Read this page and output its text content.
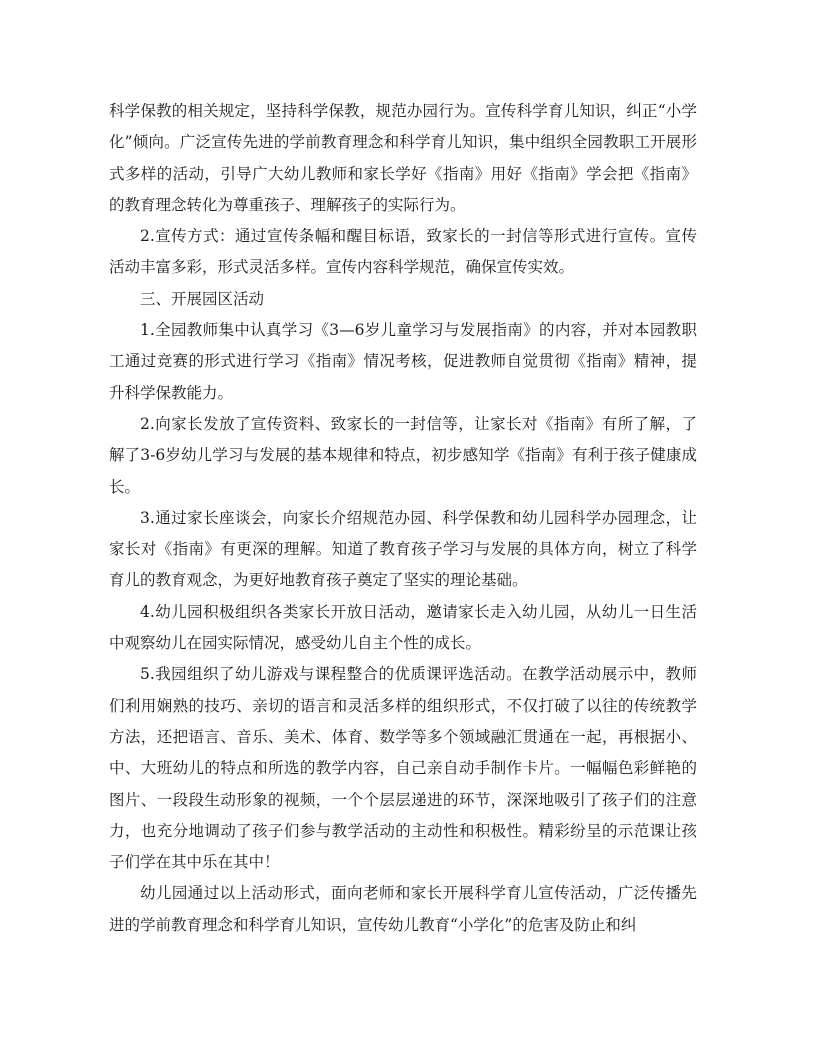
科学保教的相关规定，坚持科学保教，规范办园行为。宣传科学育儿知识，纠正“小学化”倾向。广泛宣传先进的学前教育理念和科学育儿知识，集中组织全园教职工开展形式多样的活动，引导广大幼儿教师和家长学好《指南》用好《指南》学会把《指南》的教育理念转化为尊重孩子、理解孩子的实际行为。

2.宣传方式：通过宣传条幅和醒目标语，致家长的一封信等形式进行宣传。宣传活动丰富多彩，形式灵活多样。宣传内容科学规范，确保宣传实效。

三、开展园区活动

1.全园教师集中认真学习《3—6岁儿童学习与发展指南》的内容，并对本园教职工通过竞赛的形式进行学习《指南》情况考核，促进教师自觉贯彻《指南》精神，提升科学保教能力。

2.向家长发放了宣传资料、致家长的一封信等，让家长对《指南》有所了解，了解了3-6岁幼儿学习与发展的基本规律和特点，初步感知学《指南》有利于孩子健康成长。

3.通过家长座谈会，向家长介绍规范办园、科学保教和幼儿园科学办园理念，让家长对《指南》有更深的理解。知道了教育孩子学习与发展的具体方向，树立了科学育儿的教育观念，为更好地教育孩子奠定了坚实的理论基础。

4.幼儿园积极组织各类家长开放日活动，邀请家长走入幼儿园，从幼儿一日生活中观察幼儿在园实际情况，感受幼儿自主个性的成长。

5.我园组织了幼儿游戏与课程整合的优质课评选活动。在教学活动展示中，教师们利用娴熟的技巧、亲切的语言和灵活多样的组织形式，不仅打破了以往的传统教学方法，还把语言、音乐、美术、体育、数学等多个领域融汇贯通在一起，再根据小、中、大班幼儿的特点和所选的教学内容，自己亲自动手制作卡片。一幅幅色彩鲜艳的图片、一段段生动形象的视频，一个个层层递进的环节，深深地吸引了孩子们的注意力，也充分地调动了孩子们参与教学活动的主动性和积极性。精彩纷呈的示范课让孩子们学在其中乐在其中！

幼儿园通过以上活动形式，面向老师和家长开展科学育儿宣传活动，广泛传播先进的学前教育理念和科学育儿知识，宣传幼儿教育“小学化”的危害及防止和纠
